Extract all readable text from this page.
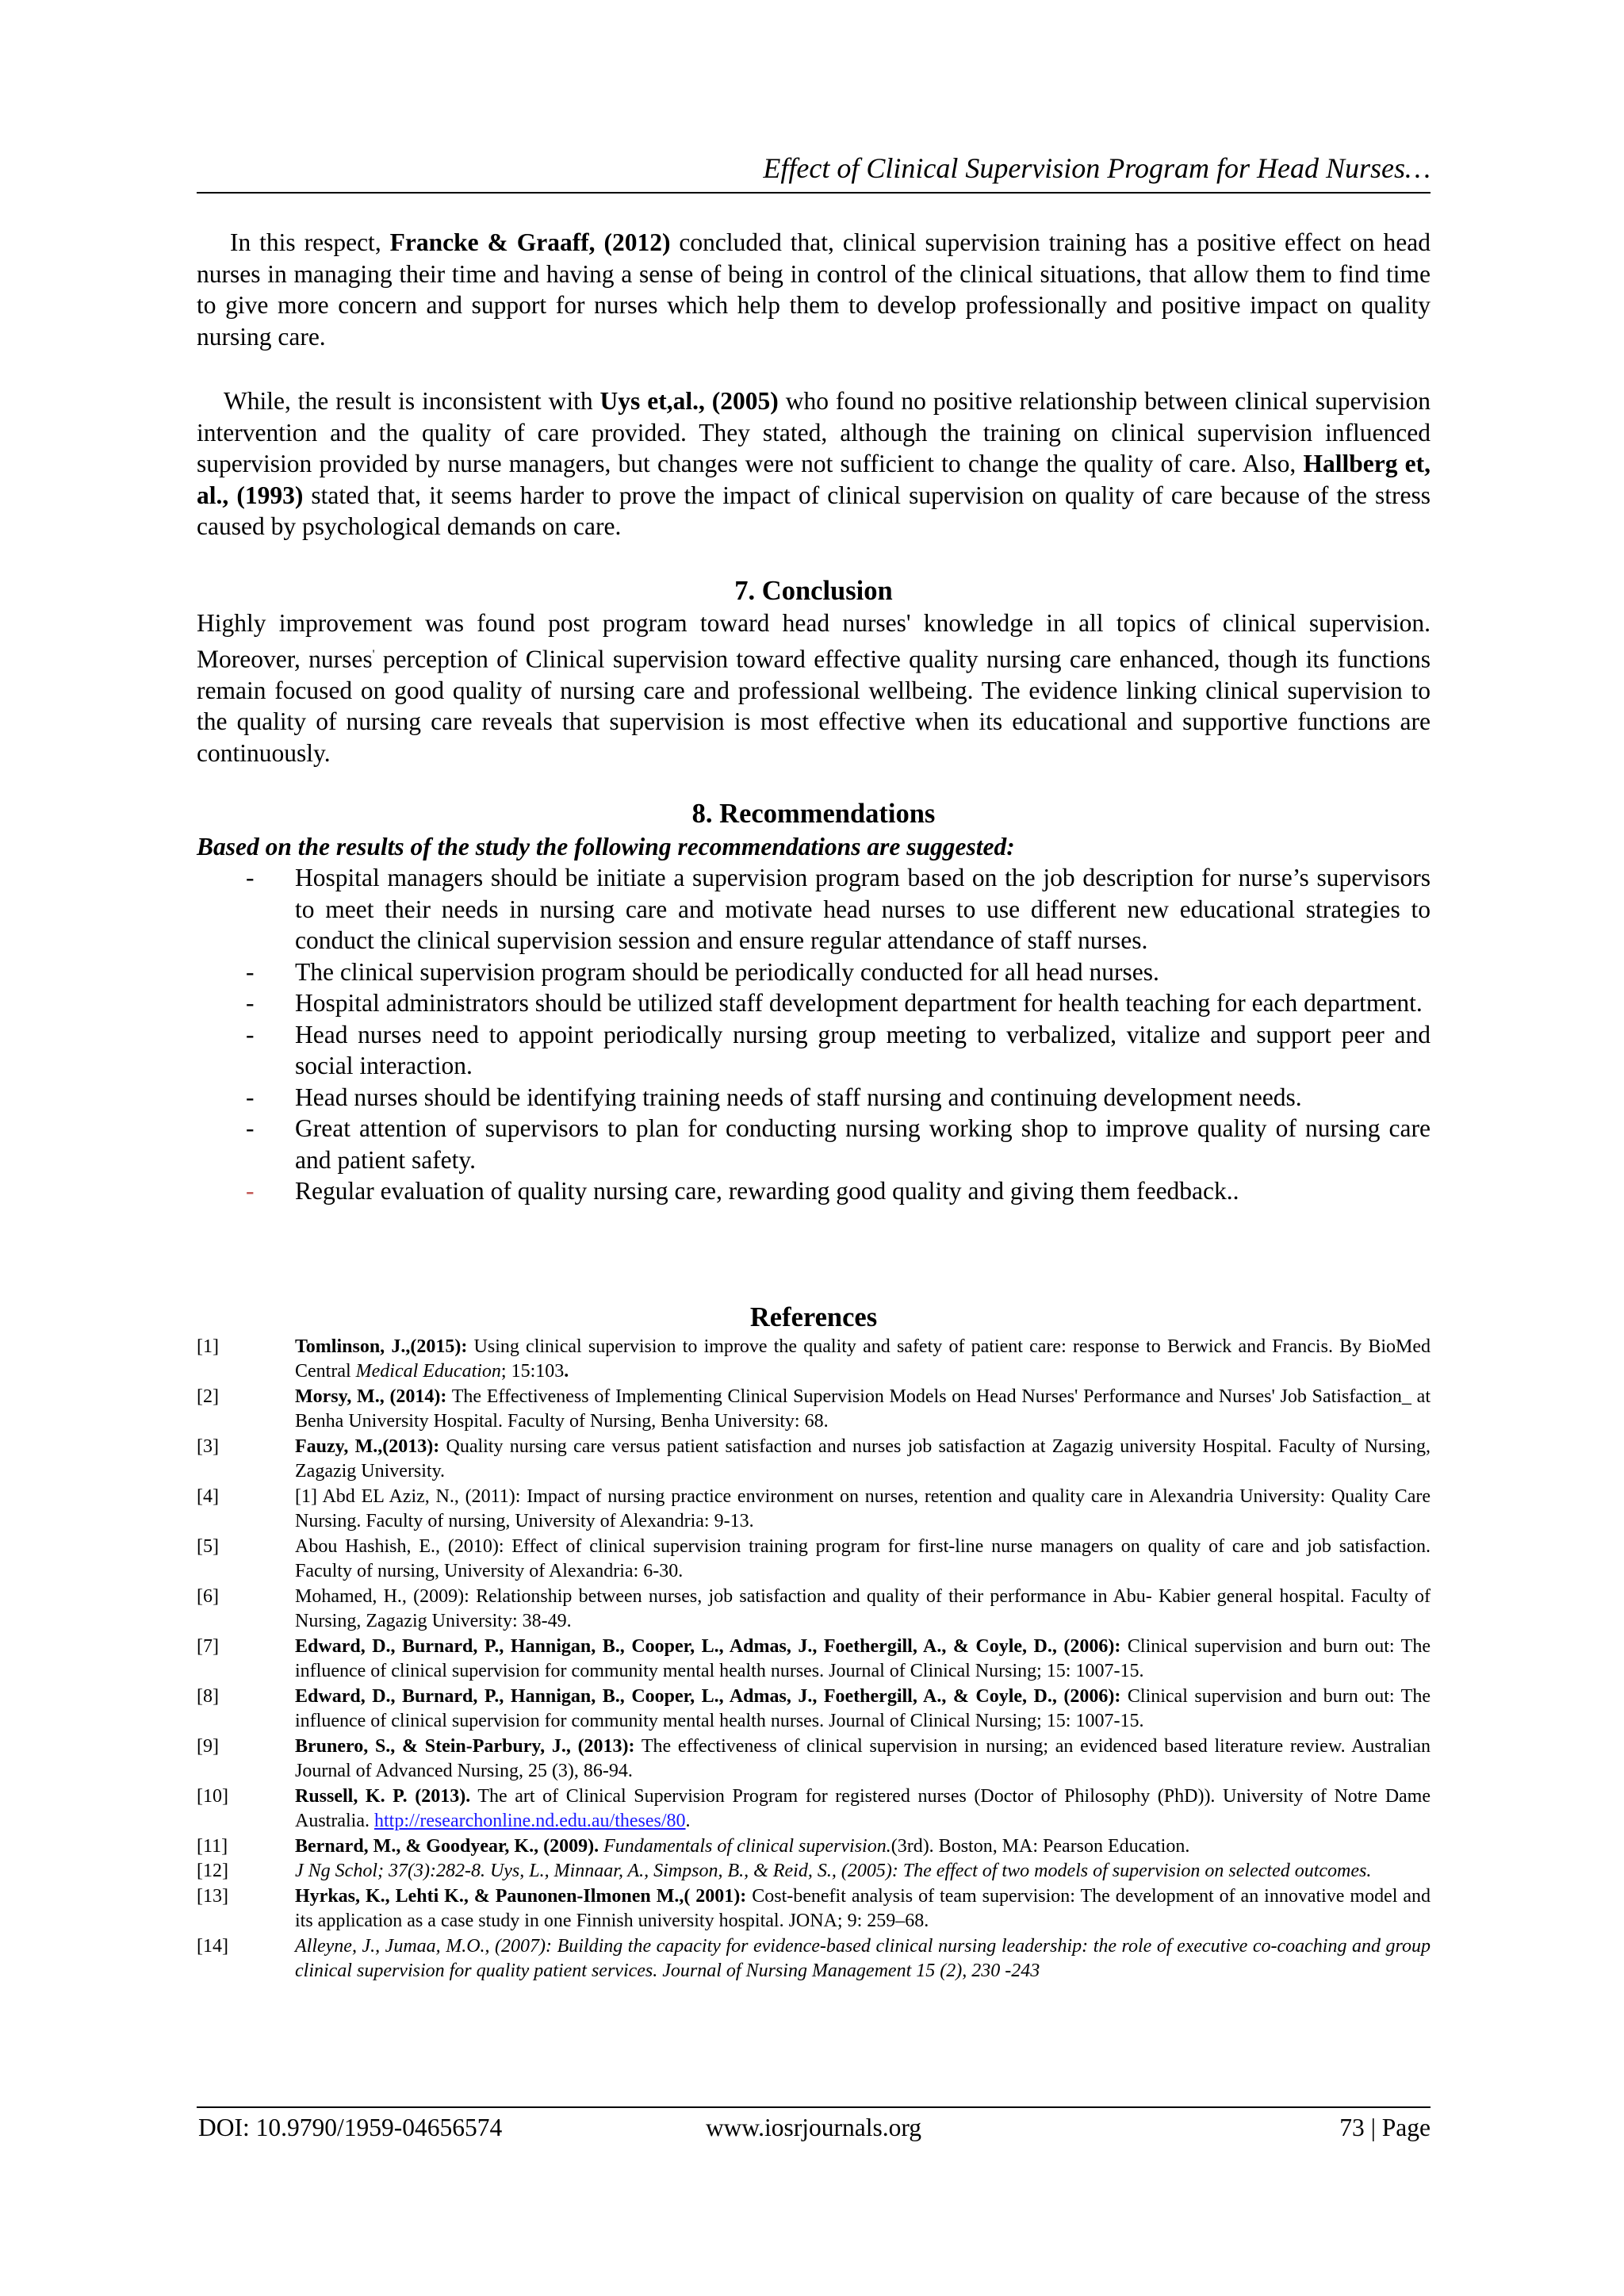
Effect of Clinical Supervision Program for Head Nurses…

In this respect, Francke & Graaff, (2012) concluded that, clinical supervision training has a positive effect on head nurses in managing their time and having a sense of being in control of the clinical situations, that allow them to find time to give more concern and support for nurses which help them to develop professionally and positive impact on quality nursing care.

While, the result is inconsistent with Uys et,al., (2005) who found no positive relationship between clinical supervision intervention and the quality of care provided. They stated, although the training on clinical supervision influenced supervision provided by nurse managers, but changes were not sufficient to change the quality of care. Also, Hallberg et, al., (1993) stated that, it seems harder to prove the impact of clinical supervision on quality of care because of the stress caused by psychological demands on care.

7. Conclusion

Highly improvement was found post program toward head nurses' knowledge in all topics of clinical supervision. Moreover, nurses' perception of Clinical supervision toward effective quality nursing care enhanced, though its functions remain focused on good quality of nursing care and professional wellbeing. The evidence linking clinical supervision to the quality of nursing care reveals that supervision is most effective when its educational and supportive functions are continuously.

8. Recommendations
Based on the results of the study the following recommendations are suggested:
- Hospital managers should be initiate a supervision program based on the job description for nurse’s supervisors to meet their needs in nursing care and motivate head nurses to use different new educational strategies to conduct the clinical supervision session and ensure regular attendance of staff nurses.
- The clinical supervision program should be periodically conducted for all head nurses.
- Hospital administrators should be utilized staff development department for health teaching for each department.
- Head nurses need to appoint periodically nursing group meeting to verbalized, vitalize and support peer and social interaction.
- Head nurses should be identifying training needs of staff nursing and continuing development needs.
- Great attention of supervisors to plan for conducting nursing working shop to improve quality of nursing care and patient safety.
- Regular evaluation of quality nursing care, rewarding good quality and giving them feedback..
References
[1]	Tomlinson, J.,(2015): Using clinical supervision to improve the quality and safety of patient care: response to Berwick and Francis. By BioMed Central Medical Education; 15:103.
[2]	Morsy, M., (2014): The Effectiveness of Implementing Clinical Supervision Models on Head Nurses' Performance and Nurses' Job Satisfaction_ at Benha University Hospital. Faculty of Nursing, Benha University: 68.
[3]	Fauzy, M.,(2013): Quality nursing care versus patient satisfaction and nurses job satisfaction at Zagazig university Hospital. Faculty of Nursing, Zagazig University.
[4]	[1] Abd EL Aziz, N., (2011): Impact of nursing practice environment on nurses, retention and quality care in Alexandria University: Quality Care Nursing. Faculty of nursing, University of Alexandria: 9-13.
[5]	Abou Hashish, E., (2010): Effect of clinical supervision training program for first-line nurse managers on quality of care and job satisfaction. Faculty of nursing, University of Alexandria: 6-30.
[6]	Mohamed, H., (2009): Relationship between nurses, job satisfaction and quality of their performance in Abu- Kabier general hospital. Faculty of Nursing, Zagazig University: 38-49.
[7]	Edward, D., Burnard, P., Hannigan, B., Cooper, L., Admas, J., Foethergill, A., & Coyle, D., (2006): Clinical supervision and burn out: The influence of clinical supervision for community mental health nurses. Journal of Clinical Nursing; 15: 1007-15.
[8]	Edward, D., Burnard, P., Hannigan, B., Cooper, L., Admas, J., Foethergill, A., & Coyle, D., (2006): Clinical supervision and burn out: The influence of clinical supervision for community mental health nurses. Journal of Clinical Nursing; 15: 1007-15.
[9]	Brunero, S., & Stein-Parbury, J., (2013): The effectiveness of clinical supervision in nursing; an evidenced based literature review. Australian Journal of Advanced Nursing, 25 (3), 86-94.
[10]	Russell, K. P. (2013). The art of Clinical Supervision Program for registered nurses (Doctor of Philosophy (PhD)). University of Notre Dame Australia. http://researchonline.nd.edu.au/theses/80.
[11]	Bernard, M., & Goodyear, K., (2009). Fundamentals of clinical supervision.(3rd). Boston, MA: Pearson Education.
[12]	J Ng Schol; 37(3):282-8. Uys, L., Minnaar, A., Simpson, B., & Reid, S., (2005): The effect of two models of supervision on selected outcomes.
[13]	Hyrkas, K., Lehti K., & Paunonen-Ilmonen M.,( 2001): Cost-benefit analysis of team supervision: The development of an innovative model and its application as a case study in one Finnish university hospital. JONA; 9: 259–68.
[14]	Alleyne, J., Jumaa, M.O., (2007): Building the capacity for evidence-based clinical nursing leadership: the role of executive co-coaching and group clinical supervision for quality patient services. Journal of Nursing Management 15 (2), 230 -243
DOI: 10.9790/1959-04656574	www.iosrjournals.org	73 | Page
